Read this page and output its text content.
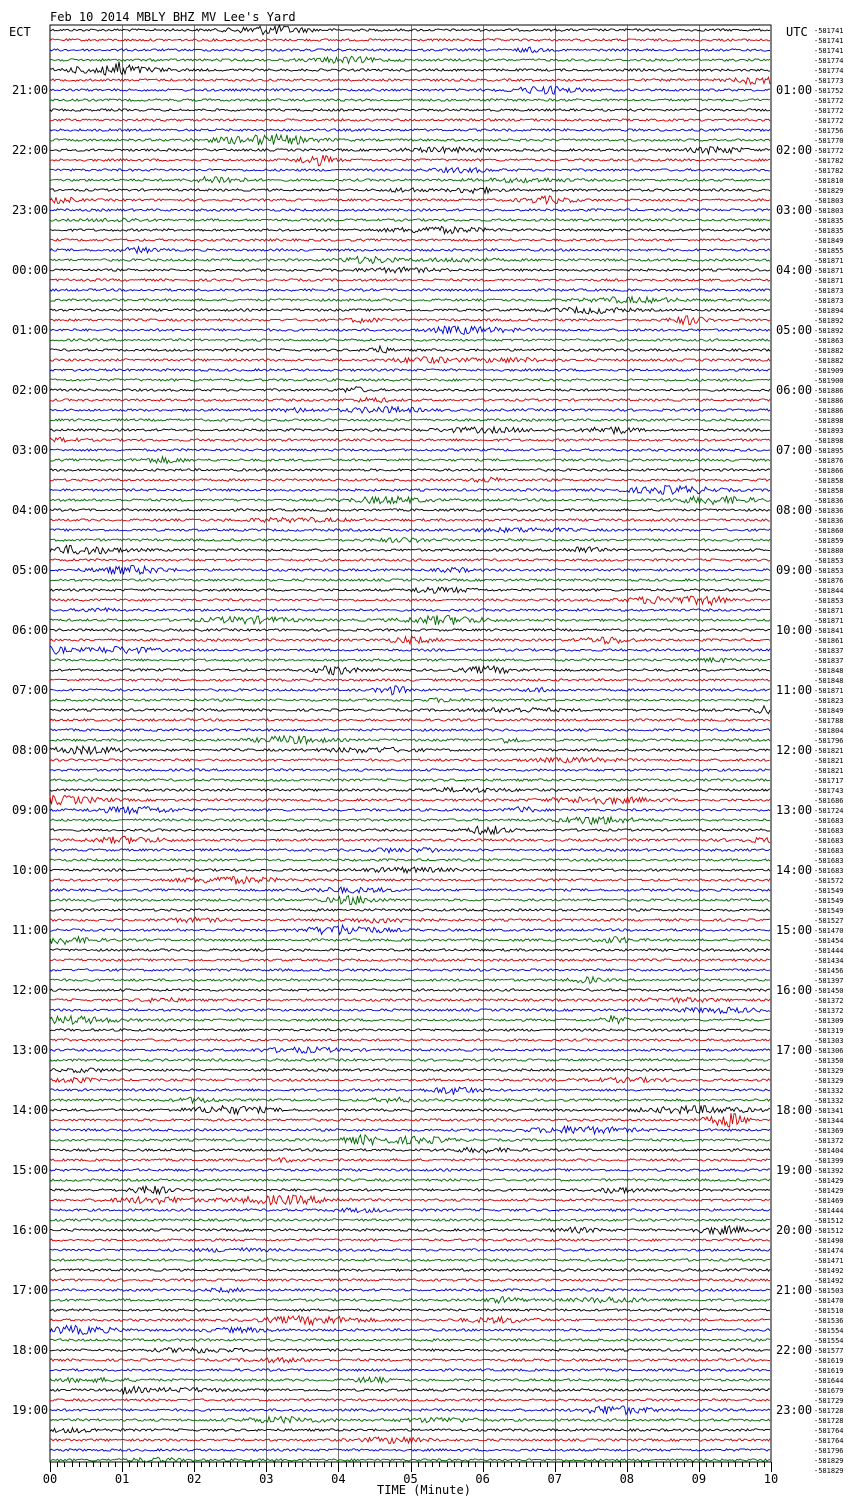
Feb 10 2014 MBLY BHZ MV Lee's Yard
ECT	UTC
21:00
22:00
23:00
00:00
01:00
02:00
03:00
04:00
05:00
06:00
07:00
08:00
09:00
10:00
11:00
12:00
13:00
14:00
15:00
16:00
17:00
18:00
19:00
01:00
02:00
03:00
04:00
05:00
06:00
07:00
08:00
09:00
10:00
11:00
12:00
13:00
14:00
15:00
16:00
17:00
18:00
19:00
20:00
21:00
22:00
23:00
-581741
-581741
-581741
-581774
-581774
-581773
-581752
-581772
-581772
-581772
-581756
-581770
-581772
-581782
-581782
-581810
-581829
-581803
-581803
-581835
-581835
-581849
-581855
-581871
-581871
-581871
-581873
-581873
-581894
-581892
-581892
-581863
-581882
-581882
-581909
-581900
-581886
-581886
-581886
-581898
-581893
-581898
-581895
-581876
-581866
-581858
-581858
-581836
-581836
-581836
-581860
-581859
-581880
-581853
-581853
-581876
-581844
-581853
-581871
-581871
-581841
-581861
-581837
-581837
-581848
-581848
-581871
-581823
-581849
-581788
-581804
-581796
-581821
-581821
-581821
-581717
-581743
-581686
-581724
-581683
-581683
-581683
-581683
-581683
-581683
-581572
-581549
-581549
-581549
-581527
-581470
-581454
-581444
-581434
-581456
-581397
-581450
-581372
-581372
-581309
-581319
-581303
-581306
-581350
-581329
-581329
-581332
-581332
-581341
-581344
-581369
-581372
-581404
-581399
-581392
-581429
-581429
-581469
-581444
-581512
-581512
-581490
-581474
-581471
-581492
-581492
-581503
-581470
-581510
-581536
-581554
-581554
-581577
-581619
-581619
-581644
-581679
-581729
-581728
-581728
-581764
-581764
-581796
-581829
-581829
00	01	02	03	04	05	06	07	08	09	10
TIME (Minute)
